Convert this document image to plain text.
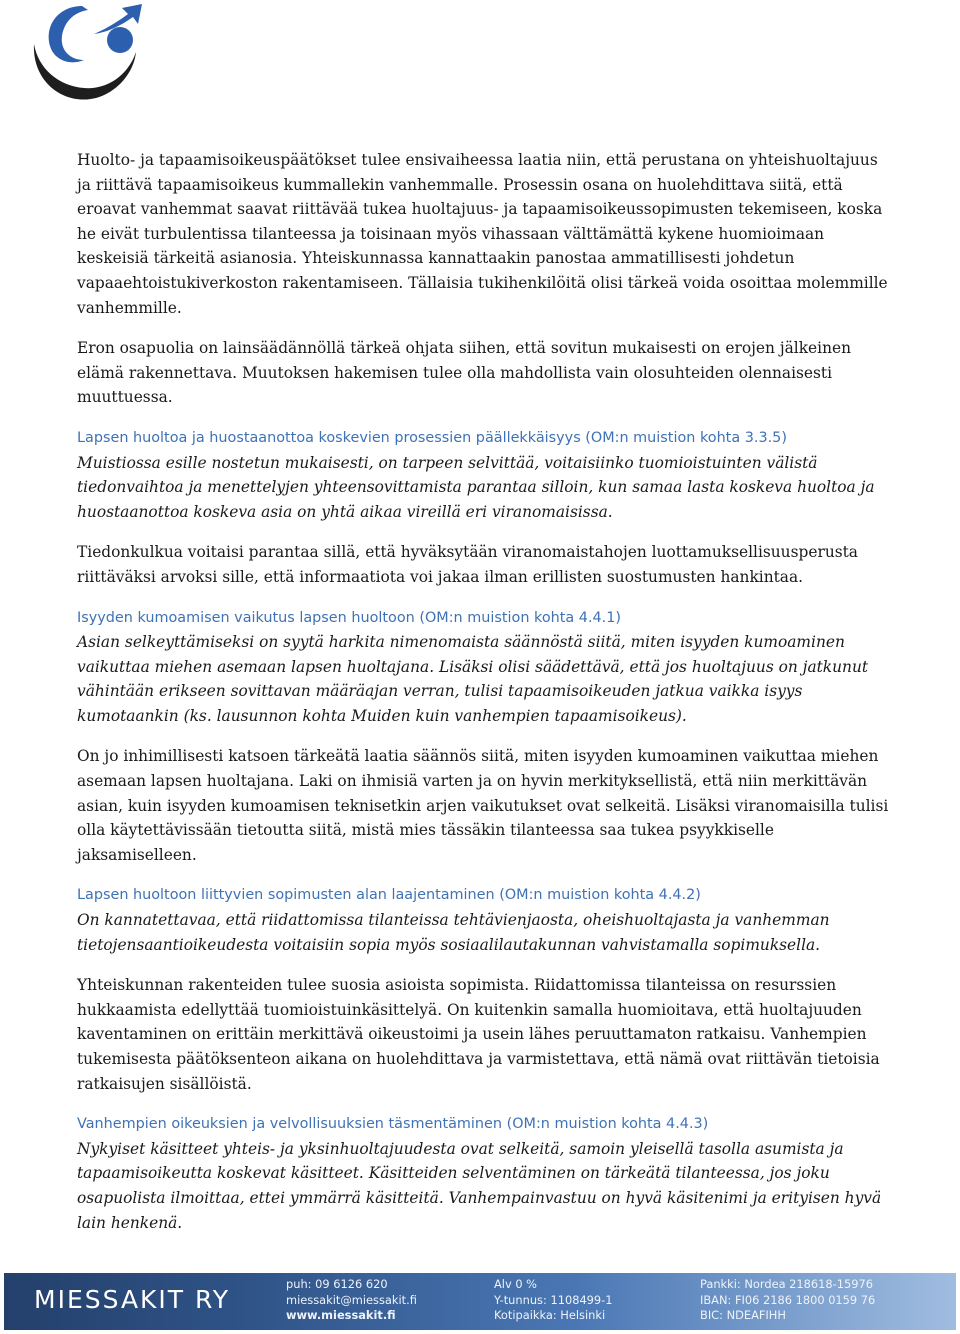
Huolto- ja tapaamisoikeuspäätökset tulee ensivaiheessa laatia niin, että perustana on yhteishuoltajuus ja riittävä tapaamisoikeus kummallekin vanhemmalle. Prosessin osana on huolehdittava siitä, että eroavat vanhemmat saavat riittävää tukea huoltajuus- ja tapaamisoikeussopimusten tekemiseen, koska he eivät turbulentissa tilanteessa ja toisinaan myös vihassaan välttämättä kykene huomioimaan keskeisiä tärkeitä asianosia. Yhteiskunnassa kannattaakin panostaa ammatillisesti johdetun vapaaehtoistukiverkoston rakentamiseen. Tällaisia tukihenkilöitä olisi tärkeä voida osoittaa molemmille vanhemmille.

Eron osapuolia on lainsäädännöllä tärkeä ohjata siihen, että sovitun mukaisesti on erojen jälkeinen elämä rakennettava. Muutoksen hakemisen tulee olla mahdollista vain olosuhteiden olennaisesti muuttuessa.

Lapsen huoltoa ja huostaanottoa koskevien prosessien päällekkäisyys (OM:n muistion kohta 3.3.5)

Muistiossa esille nostetun mukaisesti, on tarpeen selvittää, voitaisiinko tuomioistuinten välistä tiedonvaihtoa ja menettelyjen yhteensovittamista parantaa silloin, kun samaa lasta koskeva huoltoa ja huostaanottoa koskeva asia on yhtä aikaa vireillä eri viranomaisissa.

Tiedonkulkua voitaisi parantaa sillä, että hyväksytään viranomaistahojen luottamuksellisuusperusta riittäväksi arvoksi sille, että informaatiota voi jakaa ilman erillisten suostumusten hankintaa.

Isyyden kumoamisen vaikutus lapsen huoltoon (OM:n muistion kohta 4.4.1)

Asian selkeyttämiseksi on syytä harkita nimenomaista säännöstä siitä, miten isyyden kumoaminen vaikuttaa miehen asemaan lapsen huoltajana. Lisäksi olisi säädettävä, että jos huoltajuus on jatkunut vähintään erikseen sovittavan määräajan verran, tulisi tapaamisoikeuden jatkua vaikka isyys kumotaankin (ks. lausunnon kohta Muiden kuin vanhempien tapaamisoikeus).

On jo inhimillisesti katsoen tärkeätä laatia säännös siitä, miten isyyden kumoaminen vaikuttaa miehen asemaan lapsen huoltajana. Laki on ihmisiä varten ja on hyvin merkityksellistä, että niin merkittävän asian, kuin isyyden kumoamisen teknisetkin arjen vaikutukset ovat selkeitä. Lisäksi viranomaisilla tulisi olla käytettävissään tietoutta siitä, mistä mies tässäkin tilanteessa saa tukea psyykkiselle jaksamiselleen.

Lapsen huoltoon liittyvien sopimusten alan laajentaminen (OM:n muistion kohta 4.4.2)

On kannatettavaa, että riidattomissa tilanteissa tehtävienjaosta, oheishuoltajasta ja vanhemman tietojensaantioikeudesta voitaisiin sopia myös sosiaalilautakunnan vahvistamalla sopimuksella.

Yhteiskunnan rakenteiden tulee suosia asioista sopimista. Riidattomissa tilanteissa on resurssien hukkaamista edellyttää tuomioistuinkäsittelyä. On kuitenkin samalla huomioitava, että huoltajuuden kaventaminen on erittäin merkittävä oikeustoimi ja usein lähes peruuttamaton ratkaisu. Vanhempien tukemisesta päätöksenteon aikana on huolehdittava ja varmistettava, että nämä ovat riittävän tietoisia ratkaisujen sisällöistä.

Vanhempien oikeuksien ja velvollisuuksien täsmentäminen (OM:n muistion kohta 4.4.3)

Nykyiset käsitteet yhteis- ja yksinhuoltajuudesta ovat selkeitä, samoin yleisellä tasolla asumista ja tapaamisoikeutta koskevat käsitteet. Käsitteiden selventäminen on tärkeätä tilanteessa, jos joku osapuolista ilmoittaa, ettei ymmärrä käsitteitä. Vanhempainvastuu on hyvä käsitenimi ja erityisen hyvä lain henkenä.

MIESSAKIT RY
puh: 09 6126 620
miessakit@miessakit.fi
www.miessakit.fi
Alv 0 %
Y-tunnus: 1108499-1
Kotipaikka: Helsinki
Pankki: Nordea 218618-15976
IBAN: FI06 2186 1800 0159 76
BIC: NDEAFIHH
